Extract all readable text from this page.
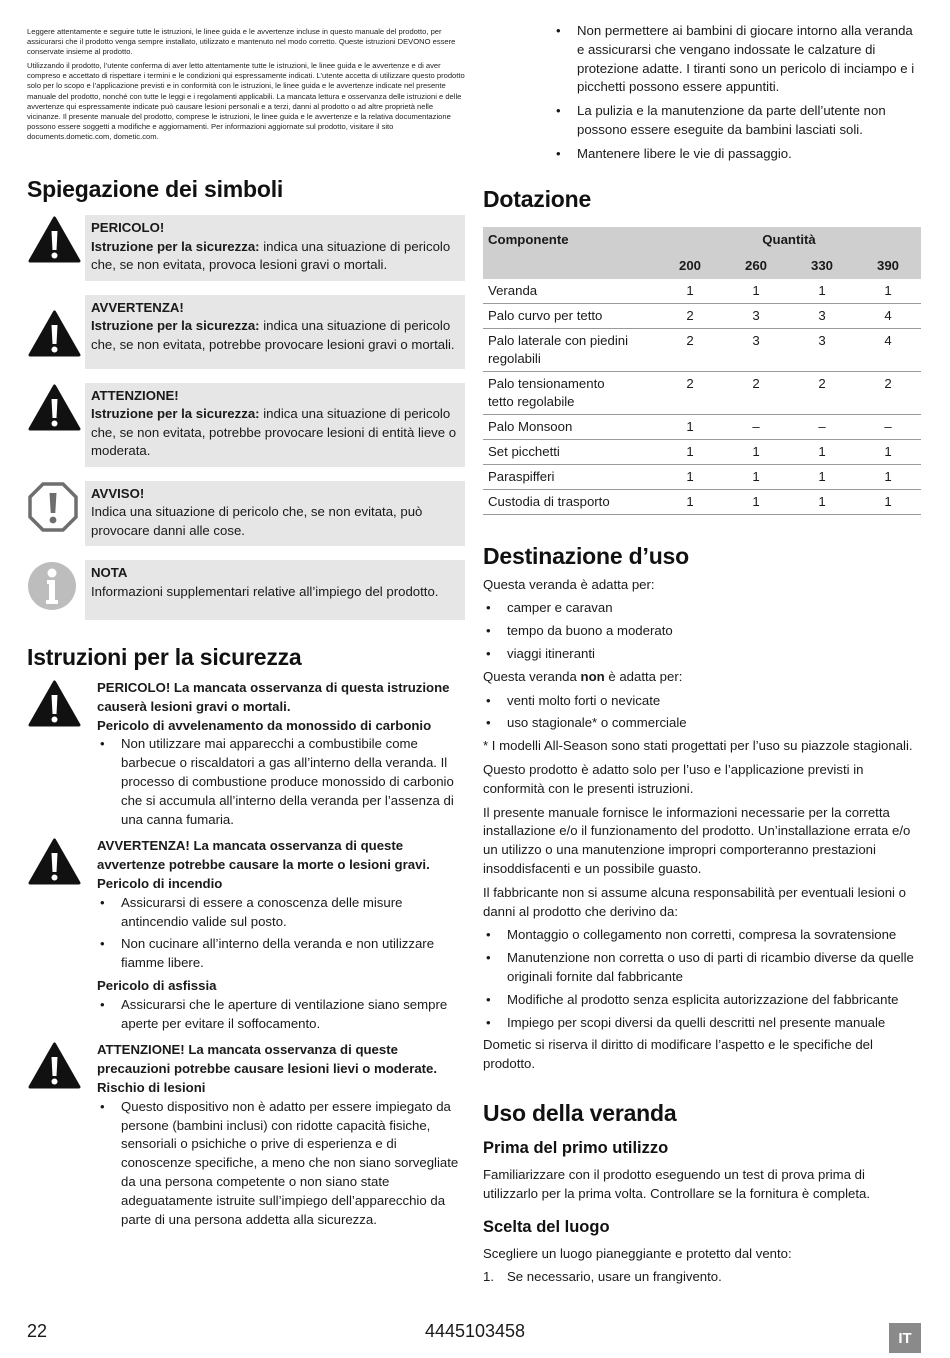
Leggere attentamente e seguire tutte le istruzioni, le linee guida e le avvertenze incluse in questo manuale del prodotto, per assicurarsi che il prodotto venga sempre installato, utilizzato e mantenuto nel modo corretto. Queste istruzioni DEVONO essere conservate insieme al prodotto.

Utilizzando il prodotto, l’utente conferma di aver letto attentamente tutte le istruzioni, le linee guida e le avvertenze e di aver compreso e accettato di rispettare i termini e le condizioni qui espressamente indicati. L’utente accetta di utilizzare questo prodotto solo per lo scopo e l’applicazione previsti e in conformità con le istruzioni, le linee guida e le avvertenze indicate nel presente manuale del prodotto, nonché con tutte le leggi e i regolamenti applicabili. La mancata lettura e osservanza delle istruzioni e delle avvertenze qui espressamente indicate può causare lesioni personali e a terzi, danni al prodotto o ad altre proprietà nelle vicinanze. Il presente manuale del prodotto, comprese le istruzioni, le linee guida e le avvertenze e la relativa documentazione possono essere soggetti a modifiche e aggiornamenti. Per informazioni aggiornate sul prodotto, visitare il sito documents.dometic.com, dometic.com.

Spiegazione dei simboli
PERICOLO!
Istruzione per la sicurezza: indica una situazione di pericolo che, se non evitata, provoca lesioni gravi o mortali.
AVVERTENZA!
Istruzione per la sicurezza: indica una situazione di pericolo che, se non evitata, potrebbe provocare lesioni gravi o mortali.
ATTENZIONE!
Istruzione per la sicurezza: indica una situazione di pericolo che, se non evitata, potrebbe provocare lesioni di entità lieve o moderata.
AVVISO!
Indica una situazione di pericolo che, se non evitata, può provocare danni alle cose.
NOTA
Informazioni supplementari relative all’impiego del prodotto.
Istruzioni per la sicurezza
PERICOLO! La mancata osservanza di questa istruzione causerà lesioni gravi o mortali.
Pericolo di avvelenamento da monossido di carbonio
• Non utilizzare mai apparecchi a combustibile come barbecue o riscaldatori a gas all’interno della veranda. Il processo di combustione produce monossido di carbonio che si accumula all’interno della veranda per l’assenza di una canna fumaria.
AVVERTENZA! La mancata osservanza di queste avvertenze potrebbe causare la morte o lesioni gravi.
Pericolo di incendio
• Assicurarsi di essere a conoscenza delle misure antincendio valide sul posto.
• Non cucinare all’interno della veranda e non utilizzare fiamme libere.
Pericolo di asfissia
• Assicurarsi che le aperture di ventilazione siano sempre aperte per evitare il soffocamento.
ATTENZIONE! La mancata osservanza di queste precauzioni potrebbe causare lesioni lievi o moderate.
Rischio di lesioni
• Questo dispositivo non è adatto per essere impiegato da persone (bambini inclusi) con ridotte capacità fisiche, sensoriali o psichiche o prive di esperienza e di conoscenze specifiche, a meno che non siano sorvegliate da una persona competente o non siano state adeguatamente istruite sull’impiego dell’apparecchio da parte di una persona addetta alla sicurezza.
• Non permettere ai bambini di giocare intorno alla veranda e assicurarsi che vengano indossate le calzature di protezione adatte. I tiranti sono un pericolo di inciampo e i picchetti possono essere appuntiti.
• La pulizia e la manutenzione da parte dell’utente non possono essere eseguite da bambini lasciati soli.
• Mantenere libere le vie di passaggio.
Dotazione
Componente	Quantità			
	200	260	330	390
Veranda	1	1	1	1
Palo curvo per tetto	2	3	3	4
Palo laterale con piedini regolabili	2	3	3	4
Palo tensionamento tetto regolabile	2	2	2	2
Palo Monsoon	1	–	–	–
Set picchetti	1	1	1	1
Paraspifferi	1	1	1	1
Custodia di trasporto	1	1	1	1
Destinazione d’uso

Questa veranda è adatta per:

• camper e caravan
• tempo da buono a moderato
• viaggi itineranti

Questa veranda non è adatta per:

• venti molto forti o nevicate
• uso stagionale* o commerciale

* I modelli All-Season sono stati progettati per l’uso su piazzole stagionali.

Questo prodotto è adatto solo per l’uso e l’applicazione previsti in conformità con le presenti istruzioni.

Il presente manuale fornisce le informazioni necessarie per la corretta installazione e/o il funzionamento del prodotto. Un’installazione errata e/o un utilizzo o una manutenzione impropri comporteranno prestazioni insoddisfacenti e un possibile guasto.

Il fabbricante non si assume alcuna responsabilità per eventuali lesioni o danni al prodotto che derivino da:

• Montaggio o collegamento non corretti, compresa la sovratensione
• Manutenzione non corretta o uso di parti di ricambio diverse da quelle originali fornite dal fabbricante
• Modifiche al prodotto senza esplicita autorizzazione del fabbricante
• Impiego per scopi diversi da quelli descritti nel presente manuale

Dometic si riserva il diritto di modificare l’aspetto e le specifiche del prodotto.

Uso della veranda
Prima del primo utilizzo

Familiarizzare con il prodotto eseguendo un test di prova prima di utilizzarlo per la prima volta. Controllare se la fornitura è completa.

Scelta del luogo

Scegliere un luogo pianeggiante e protetto dal vento:

1. Se necessario, usare un frangivento.
22	4445103458	IT
